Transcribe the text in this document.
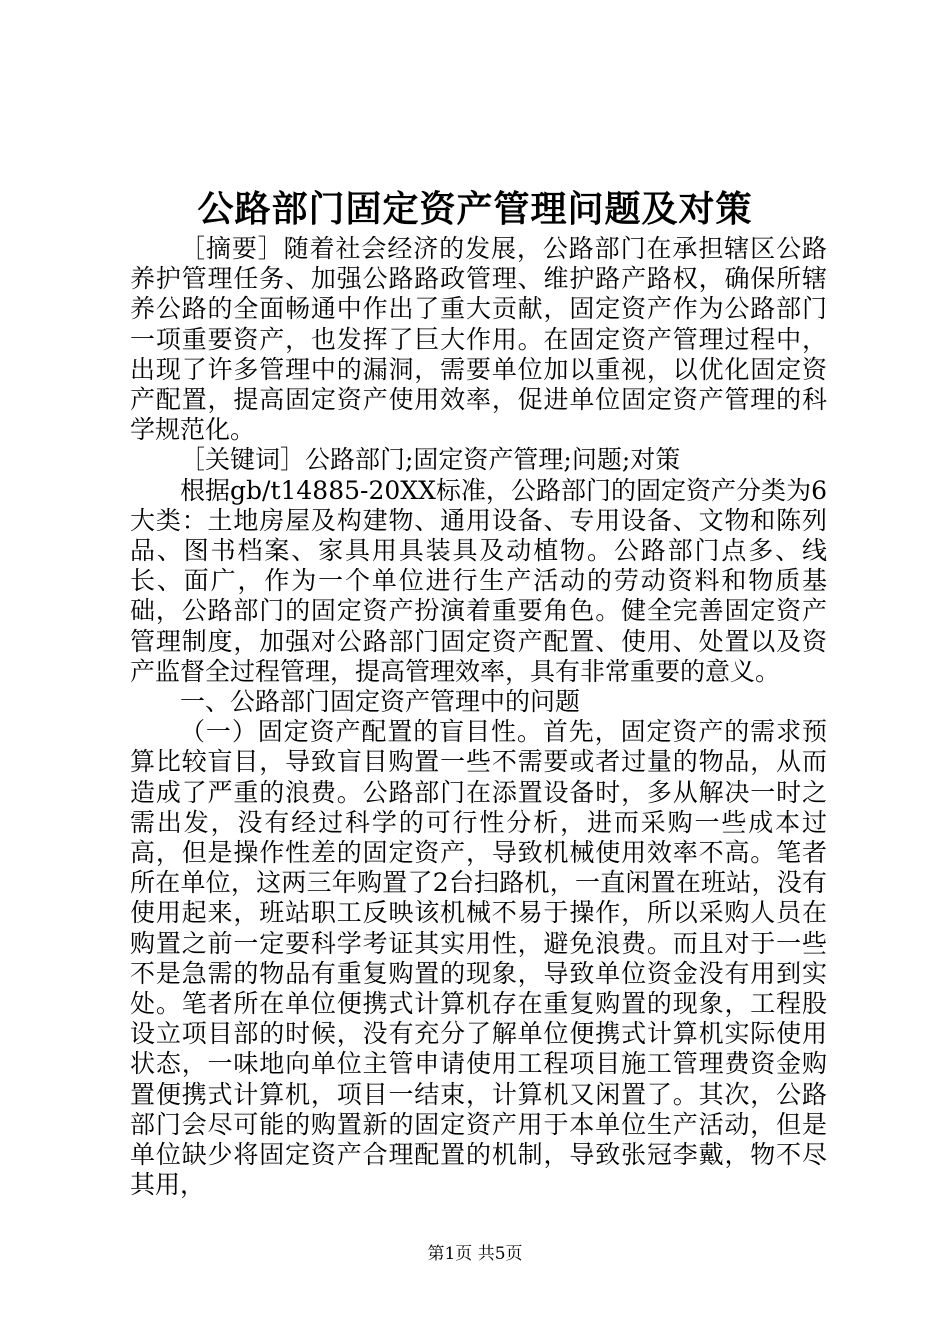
公路部门固定资产管理问题及对策

［摘要］随着社会经济的发展，公路部门在承担辖区公路养护管理任务、加强公路路政管理、维护路产路权，确保所辖养公路的全面畅通中作出了重大贡献，固定资产作为公路部门一项重要资产，也发挥了巨大作用。在固定资产管理过程中，出现了许多管理中的漏洞，需要单位加以重视，以优化固定资产配置，提高固定资产使用效率，促进单位固定资产管理的科学规范化。

［关键词］公路部门;固定资产管理;问题;对策

根据gb/t14885-20XX标准，公路部门的固定资产分类为6大类：土地房屋及构建物、通用设备、专用设备、文物和陈列品、图书档案、家具用具装具及动植物。公路部门点多、线长、面广，作为一个单位进行生产活动的劳动资料和物质基础，公路部门的固定资产扮演着重要角色。健全完善固定资产管理制度，加强对公路部门固定资产配置、使用、处置以及资产监督全过程管理，提高管理效率，具有非常重要的意义。

一、公路部门固定资产管理中的问题

（一）固定资产配置的盲目性。首先，固定资产的需求预算比较盲目，导致盲目购置一些不需要或者过量的物品，从而造成了严重的浪费。公路部门在添置设备时，多从解决一时之需出发，没有经过科学的可行性分析，进而采购一些成本过高，但是操作性差的固定资产，导致机械使用效率不高。笔者所在单位，这两三年购置了2台扫路机，一直闲置在班站，没有使用起来，班站职工反映该机械不易于操作，所以采购人员在购置之前一定要科学考证其实用性，避免浪费。而且对于一些不是急需的物品有重复购置的现象，导致单位资金没有用到实处。笔者所在单位便携式计算机存在重复购置的现象，工程股设立项目部的时候，没有充分了解单位便携式计算机实际使用状态，一味地向单位主管申请使用工程项目施工管理费资金购置便携式计算机，项目一结束，计算机又闲置了。其次，公路部门会尽可能的购置新的固定资产用于本单位生产活动，但是单位缺少将固定资产合理配置的机制，导致张冠李戴，物不尽其用，

第1页 共5页
